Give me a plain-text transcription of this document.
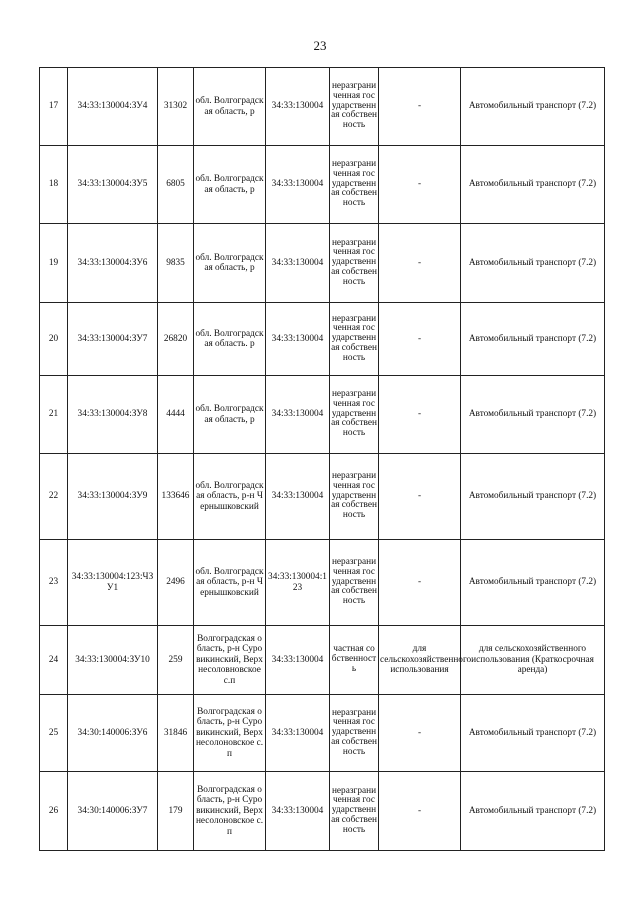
23
17	34:33:130004:ЗУ4	31302	обл. Волгоградская область, р	34:33:130004	неразграниченная государственная собственность	-	Автомобильный транспорт (7.2)
18	34:33:130004:ЗУ5	6805	обл. Волгоградская область, р	34:33:130004	неразграниченная государственная собственность	-	Автомобильный транспорт (7.2)
19	34:33:130004:ЗУ6	9835	обл. Волгоградская область, р	34:33:130004	неразграниченная государственная собственность	-	Автомобильный транспорт (7.2)
20	34:33:130004:ЗУ7	26820	обл. Волгоградская область. р	34:33:130004	неразграниченная государственная собственность	-	Автомобильный транспорт (7.2)
21	34:33:130004:ЗУ8	4444	обл. Волгоградская область, р	34:33:130004	неразграниченная государственная собственность	-	Автомобильный транспорт (7.2)
22	34:33:130004:ЗУ9	133646	обл. Волгоградская область, р-н Чернышковский	34:33:130004	неразграниченная государственная собственность	-	Автомобильный транспорт (7.2)
23	34:33:130004:123:ЧЗУ1	2496	обл. Волгоградская область, р-н Чернышковский	34:33:130004:123	неразграниченная государственная собственность	-	Автомобильный транспорт (7.2)
24	34:33:130004:ЗУ10	259	Волгоградская область, р-н Суровикинский, Верхнесоловновское с.п	34:33:130004	частная собственность	для сельскохозяйственного использования	для сельскохозяйственного использования (Краткосрочная аренда)
25	34:30:140006:ЗУ6	31846	Волгоградская область, р-н Суровикинский, Верхнесолоновское с.п	34:33:130004	неразграниченная государственная собственность	-	Автомобильный транспорт (7.2)
26	34:30:140006:ЗУ7	179	Волгоградская область, р-н Суровикинский, Верхнесолоновское с.п	34:33:130004	неразграниченная государственная собственность	-	Автомобильный транспорт (7.2)
